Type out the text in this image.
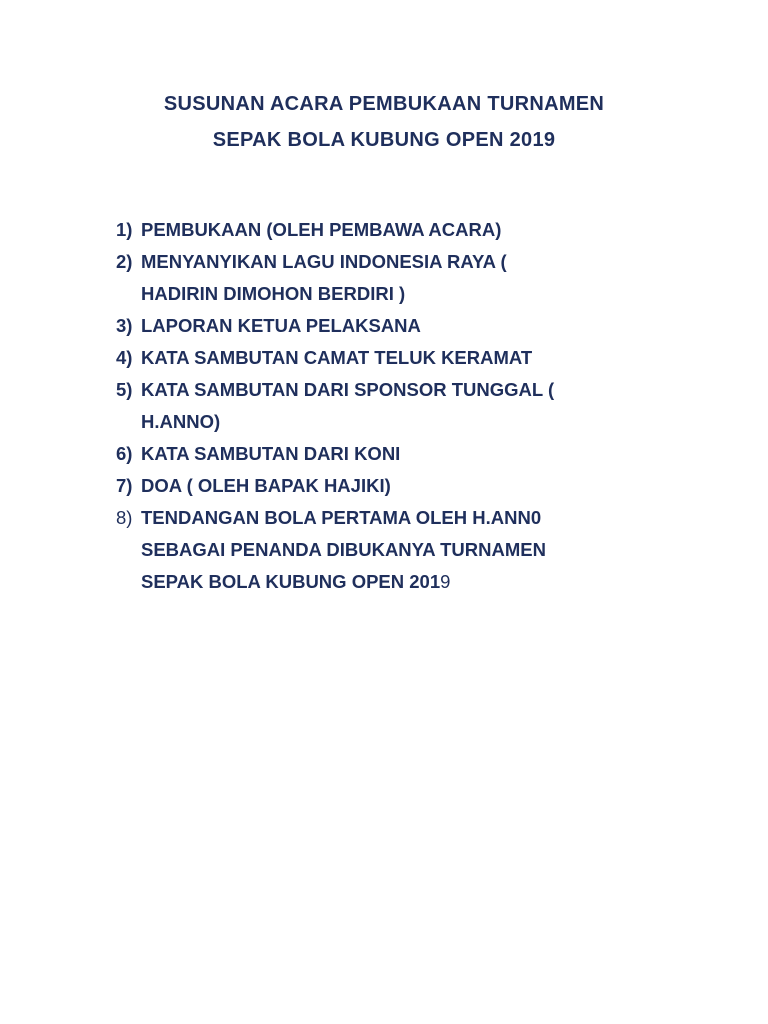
SUSUNAN ACARA PEMBUKAAN TURNAMEN
SEPAK BOLA KUBUNG OPEN 2019
1) PEMBUKAAN (OLEH PEMBAWA ACARA)
2) MENYANYIKAN LAGU INDONESIA RAYA (
HADIRIN DIMOHON BERDIRI )
3) LAPORAN KETUA PELAKSANA
4) KATA SAMBUTAN CAMAT TELUK KERAMAT
5) KATA SAMBUTAN DARI SPONSOR TUNGGAL (
H.ANNO)
6) KATA SAMBUTAN DARI KONI
7) DOA ( OLEH BAPAK HAJIKI)
8) TENDANGAN BOLA PERTAMA OLEH H.ANN0
SEBAGAI PENANDA DIBUKANYA TURNAMEN
SEPAK BOLA KUBUNG OPEN 2019
